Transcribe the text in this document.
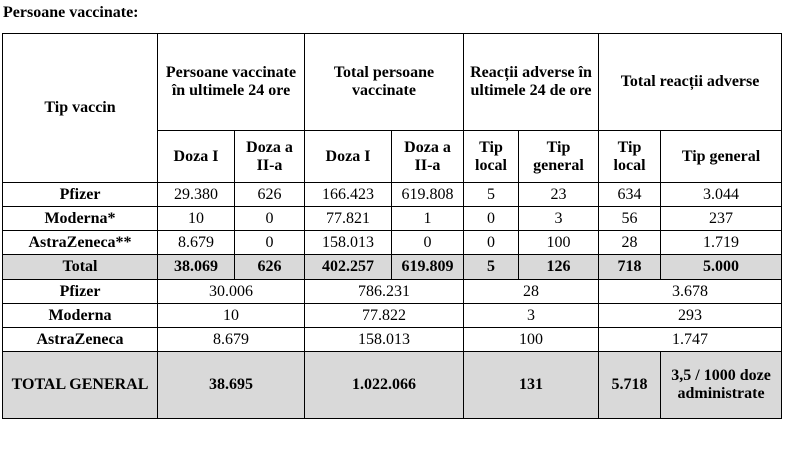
Persoane vaccinate:
Tip vaccin	Persoane vaccinate în ultimele 24 ore		Total persoane vaccinate		Reacții adverse în ultimele 24 de ore		Total reacții adverse	
	Doza I	Doza a II-a	Doza I	Doza a II-a	Tip local	Tip general	Tip local	Tip general
Pfizer	29.380	626	166.423	619.808	5	23	634	3.044
Moderna*	10	0	77.821	1	0	3	56	237
AstraZeneca**	8.679	0	158.013	0	0	100	28	1.719
Total	38.069	626	402.257	619.809	5	126	718	5.000
Pfizer	30.006		786.231		28		3.678	
Moderna	10		77.822		3		293	
AstraZeneca	8.679		158.013		100		1.747	
TOTAL GENERAL	38.695		1.022.066		131		5.718	3,5 / 1000 doze administrate
